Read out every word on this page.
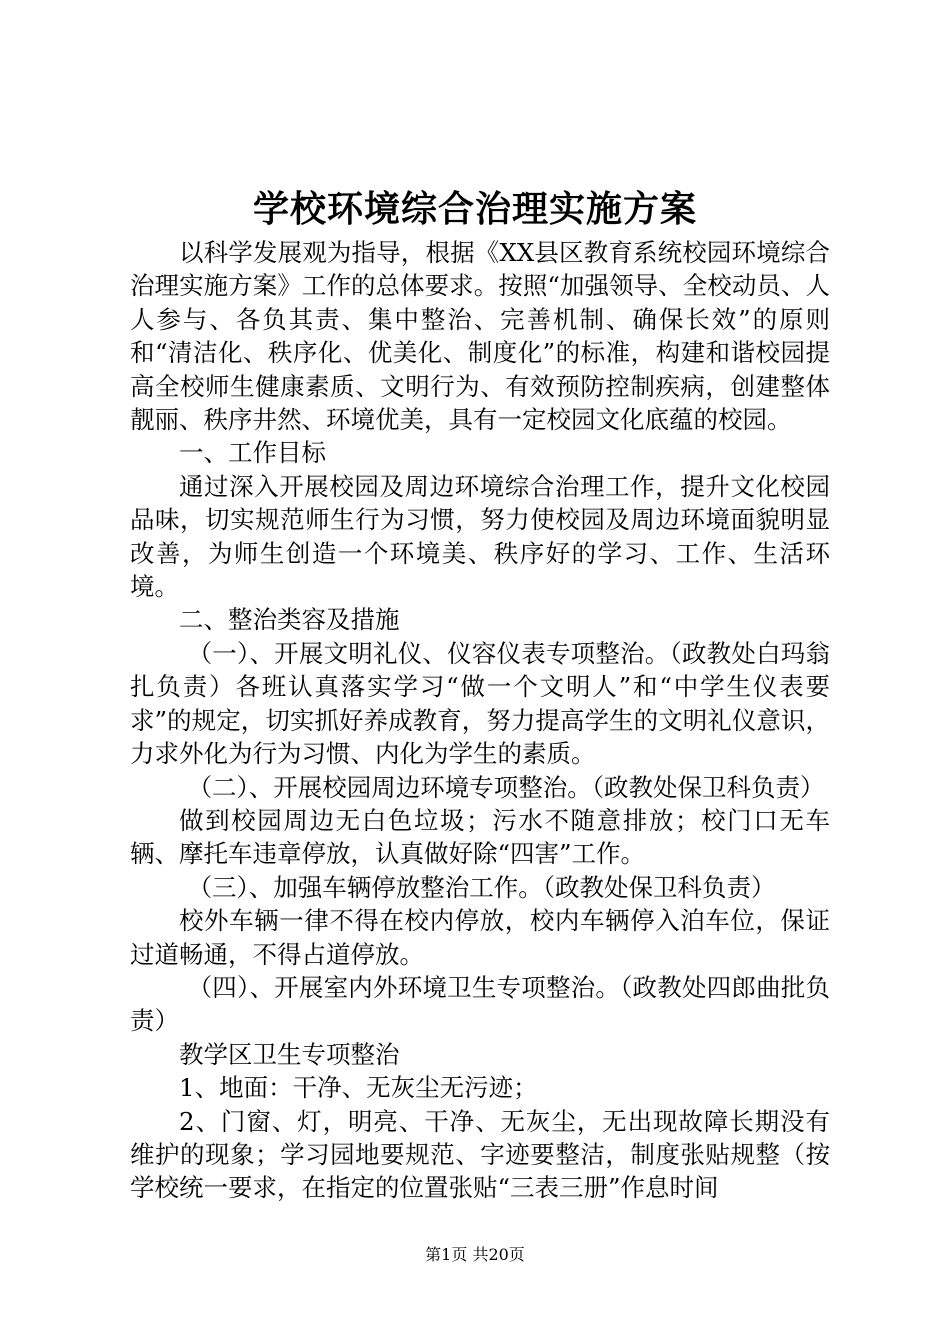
学校环境综合治理实施方案

以科学发展观为指导，根据《XX县区教育系统校园环境综合治理实施方案》工作的总体要求。按照“加强领导、全校动员、人人参与、各负其责、集中整治、完善机制、确保长效”的原则和“清洁化、秩序化、优美化、制度化”的标准，构建和谐校园提高全校师生健康素质、文明行为、有效预防控制疾病，创建整体靓丽、秩序井然、环境优美，具有一定校园文化底蕴的校园。

一、工作目标

通过深入开展校园及周边环境综合治理工作，提升文化校园品味，切实规范师生行为习惯，努力使校园及周边环境面貌明显改善，为师生创造一个环境美、秩序好的学习、工作、生活环境。

二、整治类容及措施

（一）、开展文明礼仪、仪容仪表专项整治。（政教处白玛翁扎负责）各班认真落实学习“做一个文明人”和“中学生仪表要求”的规定，切实抓好养成教育，努力提高学生的文明礼仪意识，力求外化为行为习惯、内化为学生的素质。

（二）、开展校园周边环境专项整治。（政教处保卫科负责）

做到校园周边无白色垃圾；污水不随意排放；校门口无车辆、摩托车违章停放，认真做好除“四害”工作。

（三）、加强车辆停放整治工作。（政教处保卫科负责）

校外车辆一律不得在校内停放，校内车辆停入泊车位，保证过道畅通，不得占道停放。

（四）、开展室内外环境卫生专项整治。（政教处四郎曲批负责）

教学区卫生专项整治

1、地面：干净、无灰尘无污迹；

2、门窗、灯，明亮、干净、无灰尘，无出现故障长期没有维护的现象；学习园地要规范、字迹要整洁，制度张贴规整（按学校统一要求，在指定的位置张贴“三表三册”作息时间

第1页 共20页
